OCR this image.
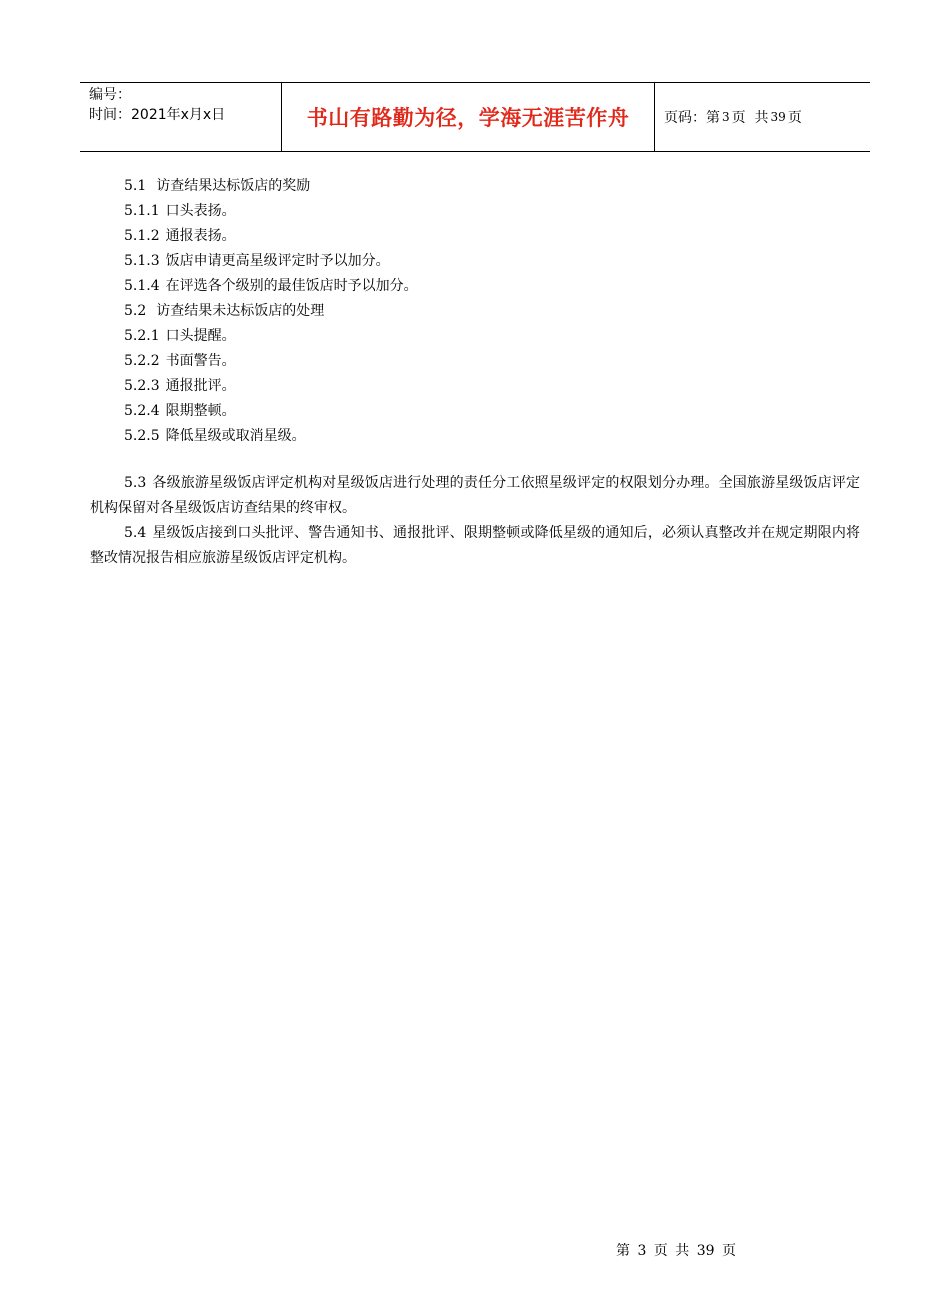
编号：
时间：2021年x月x日	书山有路勤为径，学海无涯苦作舟	页码：第 3 页  共 39 页
5.1 访查结果达标饭店的奖励
5.1.1 口头表扬。
5.1.2 通报表扬。
5.1.3 饭店申请更高星级评定时予以加分。
5.1.4 在评选各个级别的最佳饭店时予以加分。
5.2 访查结果未达标饭店的处理
5.2.1 口头提醒。
5.2.2 书面警告。
5.2.3 通报批评。
5.2.4 限期整顿。
5.2.5 降低星级或取消星级。
5.3 各级旅游星级饭店评定机构对星级饭店进行处理的责任分工依照星级评定的权限划分办理。全国旅游星级饭店评定机构保留对各星级饭店访查结果的终审权。
5.4 星级饭店接到口头批评、警告通知书、通报批评、限期整顿或降低星级的通知后，必须认真整改并在规定期限内将整改情况报告相应旅游星级饭店评定机构。
第 3 页 共 39 页
